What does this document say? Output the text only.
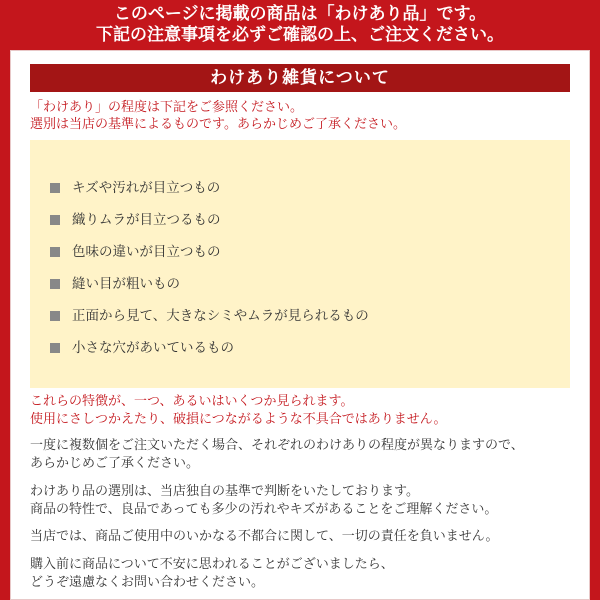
このページに掲載の商品は「わけあり品」です。
下記の注意事項を必ずご確認の上、ご注文ください。
わけあり雑貨について
「わけあり」の程度は下記をご参照ください。
選別は当店の基準によるものです。あらかじめご了承ください。
キズや汚れが目立つもの
織りムラが目立つるもの
色味の違いが目立つもの
縫い目が粗いもの
正面から見て、大きなシミやムラが見られるもの
小さな穴があいているもの
これらの特徴が、一つ、あるいはいくつか見られます。
使用にさしつかえたり、破損につながるような不具合ではありません。
一度に複数個をご注文いただく場合、それぞれのわけありの程度が異なりますので、
あらかじめご了承ください。
わけあり品の選別は、当店独自の基準で判断をいたしております。
商品の特性で、良品であっても多少の汚れやキズがあることをご理解ください。
当店では、商品ご使用中のいかなる不都合に関して、一切の責任を負いません。
購入前に商品について不安に思われることがございましたら、
どうぞ遠慮なくお問い合わせください。
